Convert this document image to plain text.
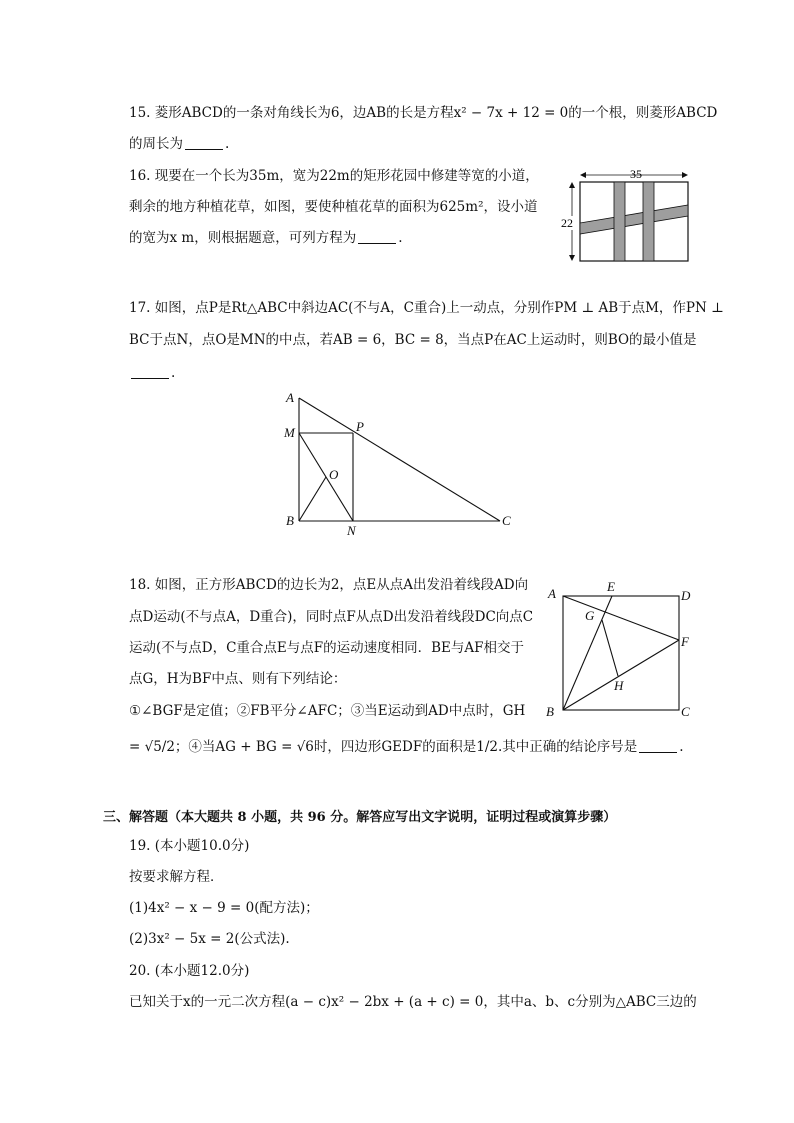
15. 菱形ABCD的一条对角线长为6，边AB的长是方程x² − 7x + 12 = 0的一个根，则菱形ABCD
的周长为	.
16. 现要在一个长为35m，宽为22m的矩形花园中修建等宽的小道，
剩余的地方种植花草，如图，要使种植花草的面积为625m²，设小道
的宽为x m，则根据题意，可列方程为	.
35
22
17. 如图，点P是Rt△ABC中斜边AC(不与A，C重合)上一动点，分别作PM ⊥ AB于点M，作PN ⊥
BC于点N，点O是MN的中点，若AB = 6，BC = 8，当点P在AC上运动时，则BO的最小值是
.
A
M	P
O
B
N
C
18. 如图，正方形ABCD的边长为2，点E从点A出发沿着线段AD向
点D运动(不与点A，D重合)，同时点F从点D出发沿着线段DC向点C
运动(不与点D，C重合点E与点F的运动速度相同．BE与AF相交于
点G，H为BF中点、则有下列结论：
①∠BGF是定值；②FB平分∠AFC；③当E运动到AD中点时，GH
= √5/2；④当AG + BG = √6时，四边形GEDF的面积是1/2.其中正确的结论序号是	.
A	E
D
G
F
H
B	C
三、解答题（本大题共 8 小题，共 96 分。解答应写出文字说明，证明过程或演算步骤）
19. (本小题10.0分)
按要求解方程．
(1)4x² − x − 9 = 0(配方法)；
(2)3x² − 5x = 2(公式法).
20. (本小题12.0分)
已知关于x的一元二次方程(a − c)x² − 2bx + (a + c) = 0，其中a、b、c分别为△ABC三边的
